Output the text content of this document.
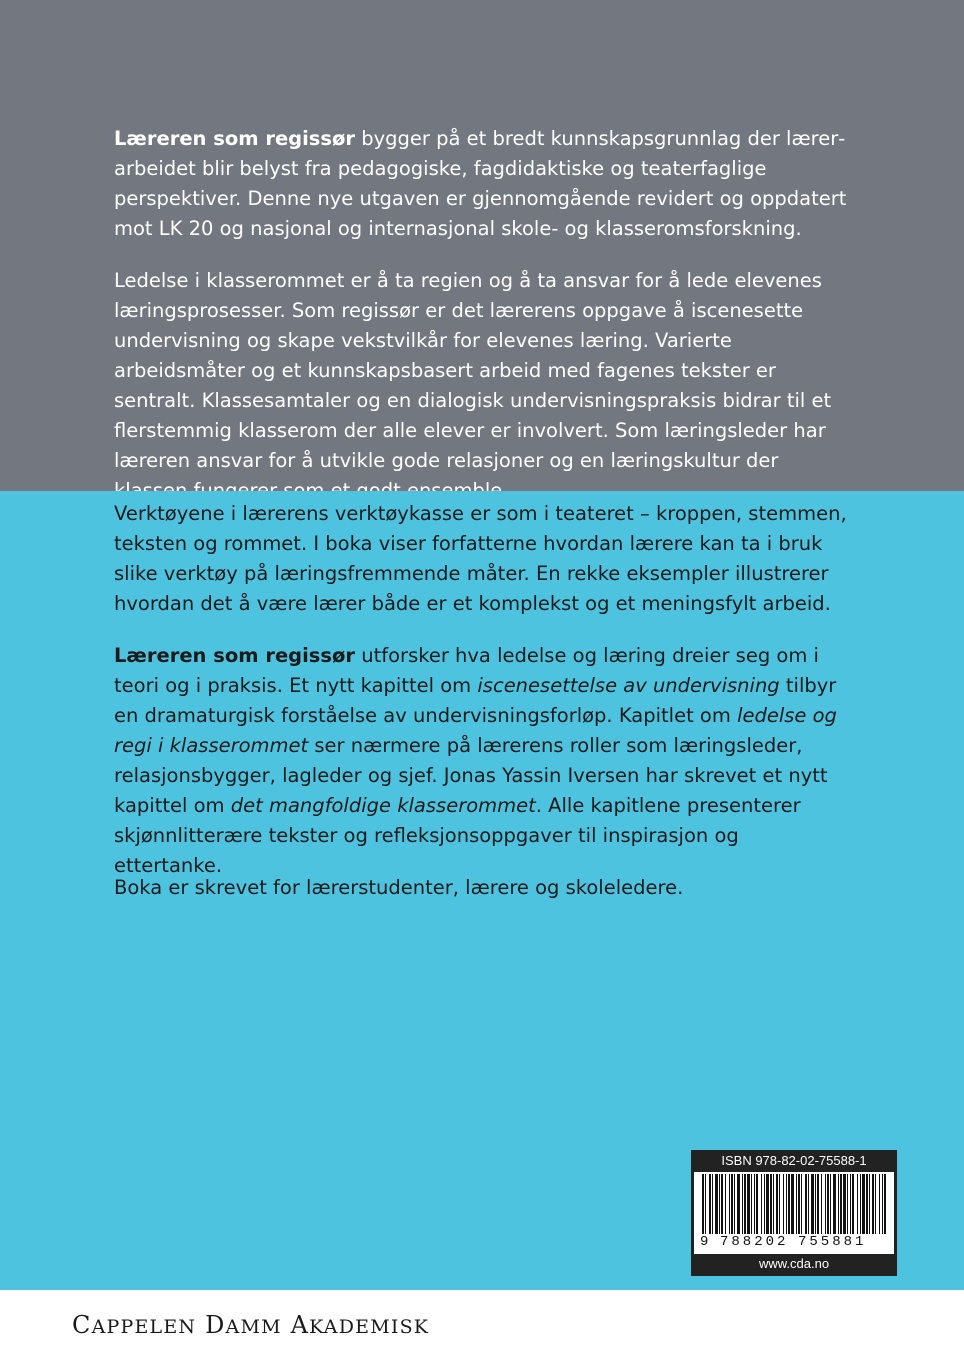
Læreren som regissør bygger på et bredt kunnskapsgrunnlag der lærerarbeidet blir belyst fra pedagogiske, fagdidaktiske og teaterfaglige perspektiver. Denne nye utgaven er gjennomgående revidert og oppdatert mot LK 20 og nasjonal og internasjonal skole- og klasseromsforskning.

Ledelse i klasserommet er å ta regien og å ta ansvar for å lede elevenes læringsprosesser. Som regissør er det lærerens oppgave å iscenesette undervisning og skape vekstvilkår for elevenes læring. Varierte arbeidsmåter og et kunnskapsbasert arbeid med fagenes tekster er sentralt. Klassesamtaler og en dialogisk undervisningspraksis bidrar til et flerstemmig klasserom der alle elever er involvert. Som læringsleder har læreren ansvar for å utvikle gode relasjoner og en læringskultur der

Verktøyene i lærerens verktøykasse er som i teateret – kroppen, stemmen, teksten og rommet. I boka viser forfatterne hvordan lærere kan ta i bruk slike verktøy på læringsfremmende måter. En rekke eksempler illustrerer hvordan det å være lærer både er et komplekst og et meningsfylt arbeid.

Læreren som regissør utforsker hva ledelse og læring dreier seg om i teori og i praksis. Et nytt kapittel om iscenesettelse av undervisning tilbyr en dramaturgisk forståelse av undervisningsforløp. Kapitlet om ledelse og regi i klasserommet ser nærmere på lærerens roller som læringsleder, relasjonsbygger, lagleder og sjef. Jonas Yassin Iversen har skrevet et nytt kapittel om det mangfoldige klasserommet. Alle kapitlene presenterer skjønnlitterære tekster og refleksjonsoppgaver til inspirasjon og ettertanke.

Boka er skrevet for lærerstudenter, lærere og skoleledere.

ISBN 978-82-02-75588-1
9 788202 755881
www.cda.no
CAPPELEN DAMM AKADEMISK
